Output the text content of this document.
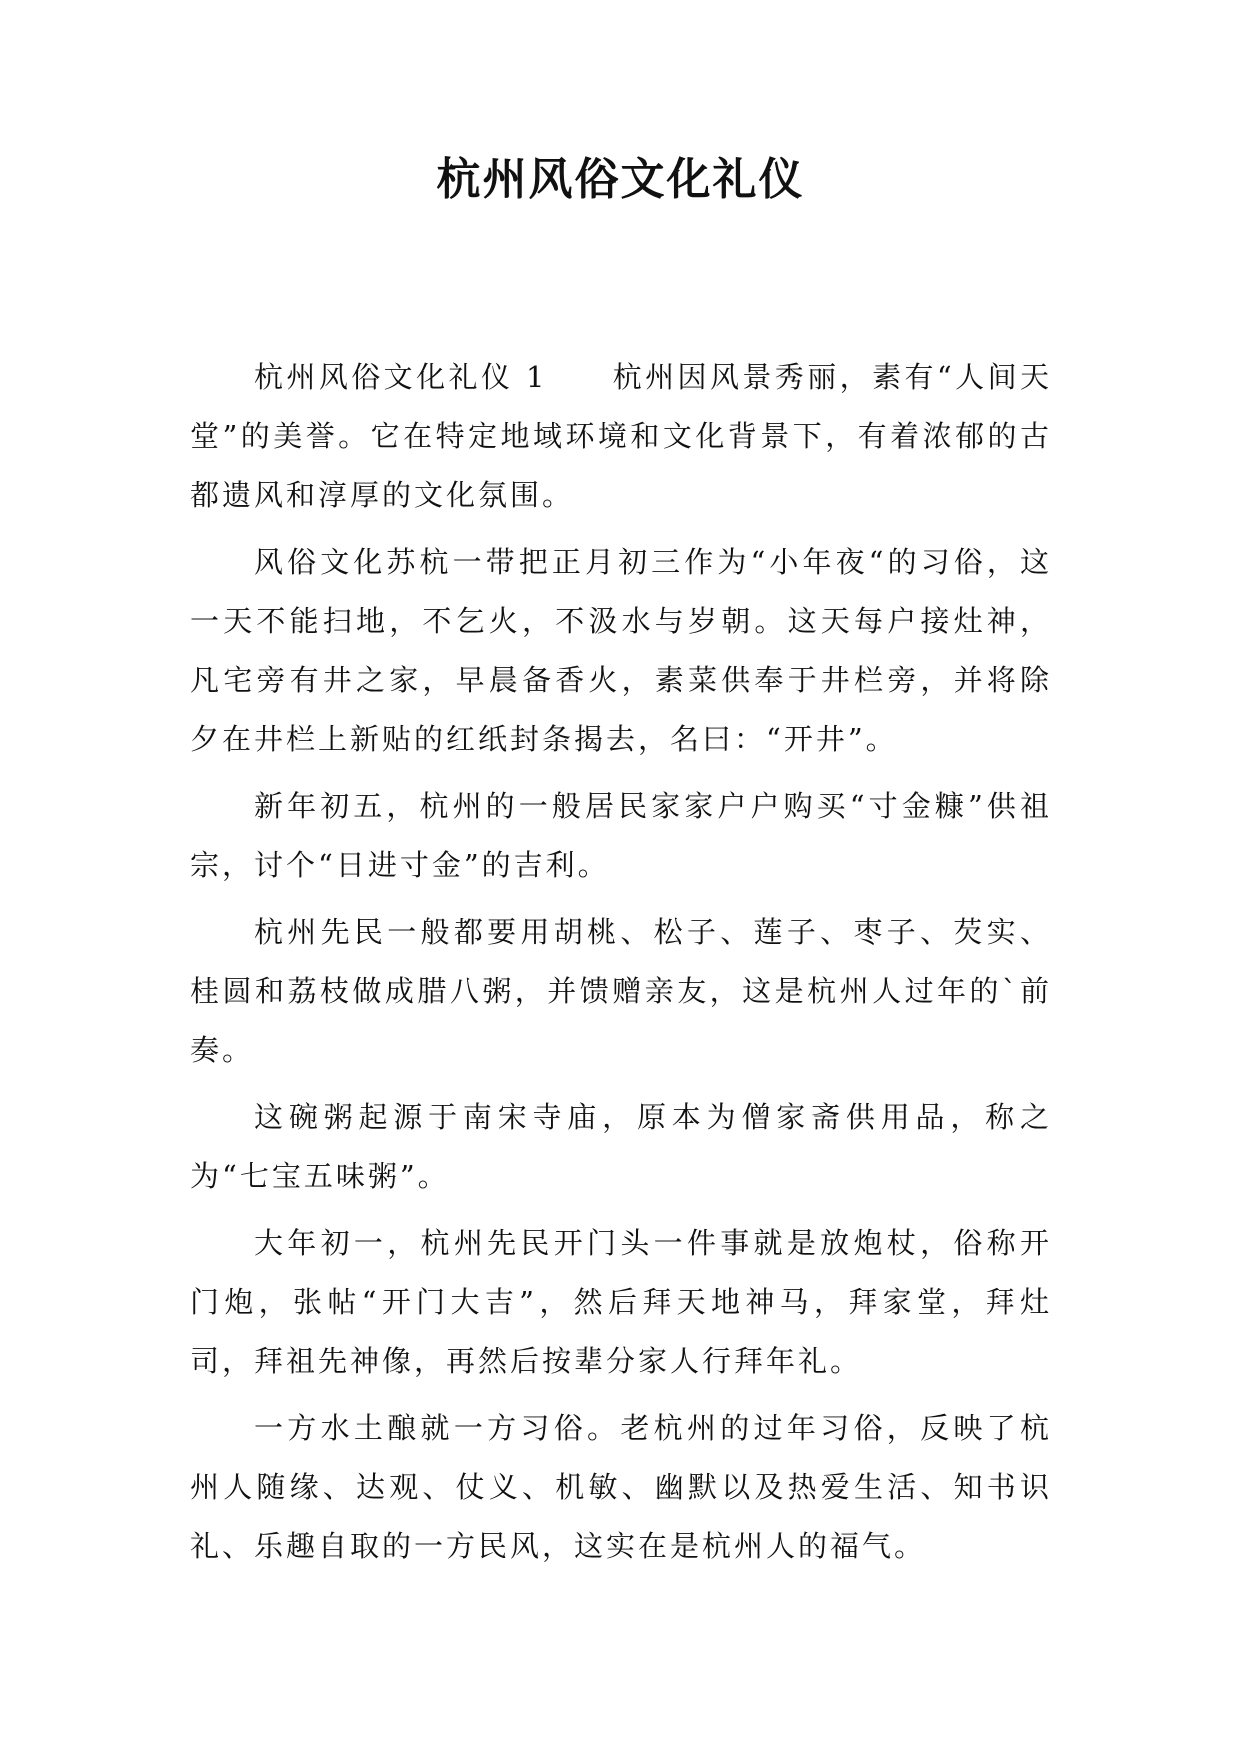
杭州风俗文化礼仪

杭州风俗文化礼仪 1　　杭州因风景秀丽，素有“人间天堂”的美誉。它在特定地域环境和文化背景下，有着浓郁的古都遗风和淳厚的文化氛围。

风俗文化苏杭一带把正月初三作为“小年夜“的习俗，这一天不能扫地，不乞火，不汲水与岁朝。这天每户接灶神，凡宅旁有井之家，早晨备香火，素菜供奉于井栏旁，并将除夕在井栏上新贴的红纸封条揭去，名曰：“开井”。

新年初五，杭州的一般居民家家户户购买“寸金糠”供祖宗，讨个“日进寸金”的吉利。

杭州先民一般都要用胡桃、松子、莲子、枣子、芡实、桂圆和荔枝做成腊八粥，并馈赠亲友，这是杭州人过年的`前奏。

这碗粥起源于南宋寺庙，原本为僧家斋供用品，称之为“七宝五味粥”。

大年初一，杭州先民开门头一件事就是放炮杖，俗称开门炮，张帖“开门大吉”，然后拜天地神马，拜家堂，拜灶司，拜祖先神像，再然后按辈分家人行拜年礼。

一方水土酿就一方习俗。老杭州的过年习俗，反映了杭州人随缘、达观、仗义、机敏、幽默以及热爱生活、知书识礼、乐趣自取的一方民风，这实在是杭州人的福气。
